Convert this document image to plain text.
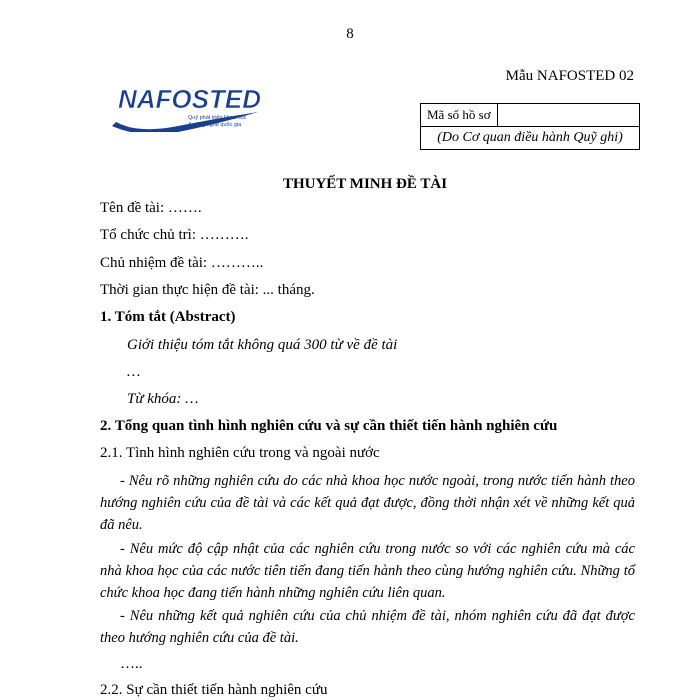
8
Mẫu NAFOSTED 02
NAFOSTED
Quỹ phát triển khoa học
& công nghệ quốc gia
Mã số hồ sơ	
(Do Cơ quan điều hành Quỹ ghi)
THUYẾT MINH ĐỀ TÀI
Tên đề tài: …….
Tổ chức chủ trì: ……….
Chủ nhiệm đề tài: ………..
Thời gian thực hiện đề tài: ... tháng.
1. Tóm tắt (Abstract)
Giới thiệu tóm tắt không quá 300 từ về đề tài
…
Từ khóa: …
2. Tổng quan tình hình nghiên cứu và sự cần thiết tiến hành nghiên cứu
2.1. Tình hình nghiên cứu trong và ngoài nước
- Nêu rõ những nghiên cứu do các nhà khoa học nước ngoài, trong nước tiến hành theo hướng nghiên cứu của đề tài và các kết quả đạt được, đồng thời nhận xét về những kết quả đã nêu.
- Nêu mức độ cập nhật của các nghiên cứu trong nước so với các nghiên cứu mà các nhà khoa học của các nước tiên tiến đang tiến hành theo cùng hướng nghiên cứu. Những tổ chức khoa học đang tiến hành những nghiên cứu liên quan.
- Nêu những kết quả nghiên cứu của chủ nhiệm đề tài, nhóm nghiên cứu đã đạt được theo hướng nghiên cứu của đề tài.
…..
2.2. Sự cần thiết tiến hành nghiên cứu
